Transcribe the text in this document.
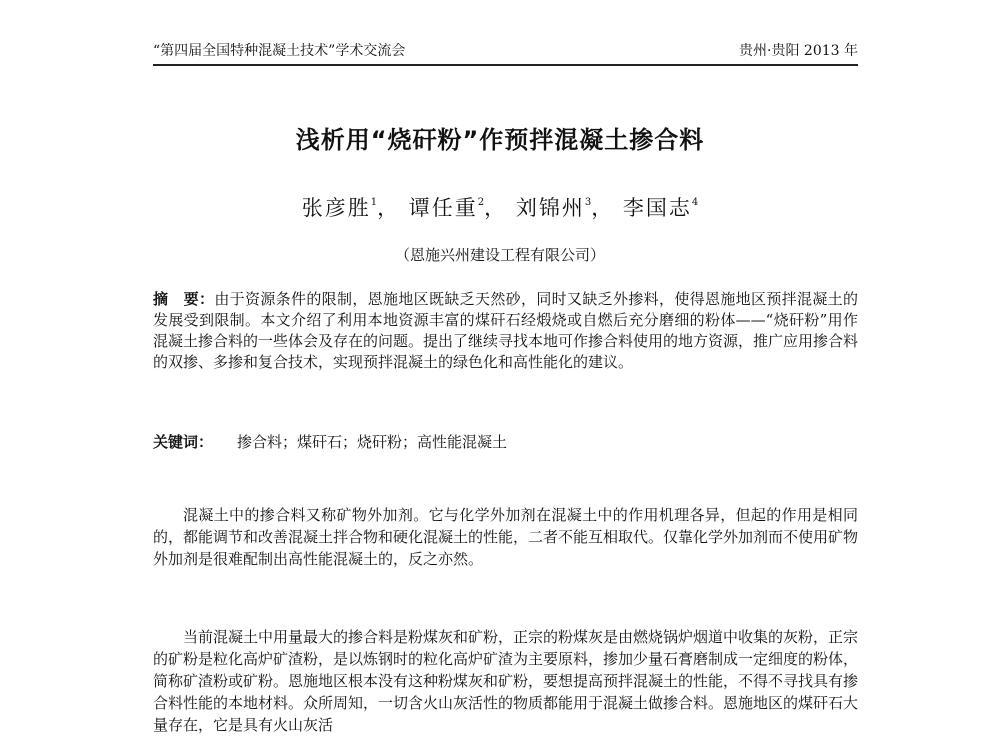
“第四届全国特种混凝土技术”学术交流会	贵州·贵阳 2013 年
浅析用“烧矸粉”作预拌混凝土掺合料
张彦胜$^1$， 谭任重$^2$， 刘锦州$^3$， 李国志$^4$
（恩施兴州建设工程有限公司）
摘　要：由于资源条件的限制，恩施地区既缺乏天然砂，同时又缺乏外掺料，使得恩施地区预拌混凝土的发展受到限制。本文介绍了利用本地资源丰富的煤矸石经煅烧或自燃后充分磨细的粉体——“烧矸粉”用作混凝土掺合料的一些体会及存在的问题。提出了继续寻找本地可作掺合料使用的地方资源，推广应用掺合料的双掺、多掺和复合技术，实现预拌混凝土的绿色化和高性能化的建议。
关键词： 掺合料；煤矸石；烧矸粉；高性能混凝土

混凝土中的掺合料又称矿物外加剂。它与化学外加剂在混凝土中的作用机理各异，但起的作用是相同的，都能调节和改善混凝土拌合物和硬化混凝土的性能，二者不能互相取代。仅靠化学外加剂而不使用矿物外加剂是很难配制出高性能混凝土的，反之亦然。

当前混凝土中用量最大的掺合料是粉煤灰和矿粉，正宗的粉煤灰是由燃烧锅炉烟道中收集的灰粉，正宗的矿粉是粒化高炉矿渣粉，是以炼钢时的粒化高炉矿渣为主要原料，掺加少量石膏磨制成一定细度的粉体，简称矿渣粉或矿粉。恩施地区根本没有这种粉煤灰和矿粉，要想提高预拌混凝土的性能，不得不寻找具有掺合料性能的本地材料。众所周知，一切含火山灰活性的物质都能用于混凝土做掺合料。恩施地区的煤矸石大量存在，它是具有火山灰活
